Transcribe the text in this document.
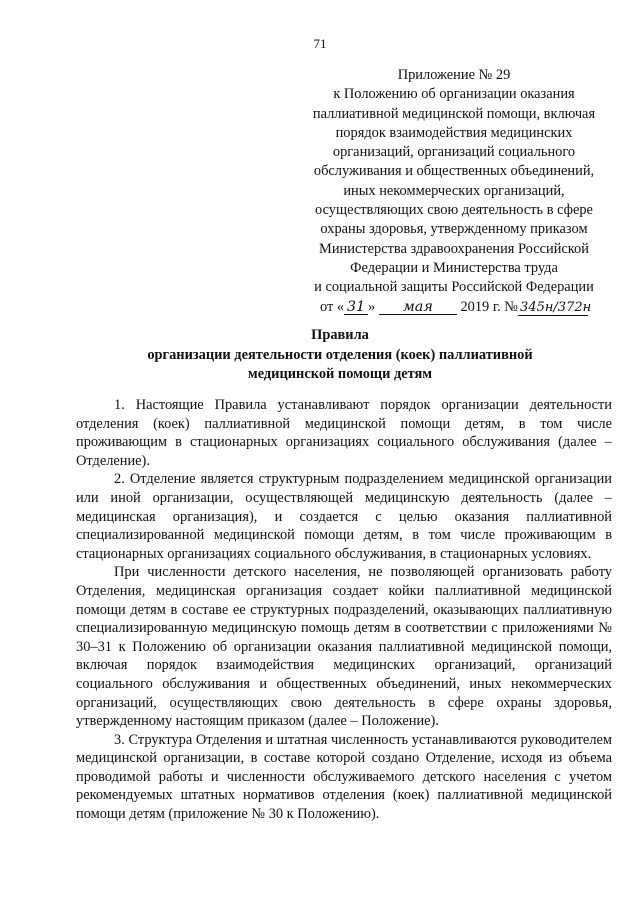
71
Приложение № 29
к Положению об организации оказания
паллиативной медицинской помощи, включая
порядок взаимодействия медицинских
организаций, организаций социального
обслуживания и общественных объединений,
иных некоммерческих организаций,
осуществляющих свою деятельность в сфере
охраны здоровья, утвержденному приказом
Министерства здравоохранения Российской
Федерации и Министерства труда
и социальной защиты Российской Федерации
от « 31 » мая 2019 г. № 345н/372н
Правила
организации деятельности отделения (коек) паллиативной
медицинской помощи детям

1. Настоящие Правила устанавливают порядок организации деятельности отделения (коек) паллиативной медицинской помощи детям, в том числе проживающим в стационарных организациях социального обслуживания (далее – Отделение).

2. Отделение является структурным подразделением медицинской организации или иной организации, осуществляющей медицинскую деятельность (далее – медицинская организация), и создается с целью оказания паллиативной специализированной медицинской помощи детям, в том числе проживающим в стационарных организациях социального обслуживания, в стационарных условиях.

При численности детского населения, не позволяющей организовать работу Отделения, медицинская организация создает койки паллиативной медицинской помощи детям в составе ее структурных подразделений, оказывающих паллиативную специализированную медицинскую помощь детям в соответствии с приложениями № 30–31 к Положению об организации оказания паллиативной медицинской помощи, включая порядок взаимодействия медицинских организаций, организаций социального обслуживания и общественных объединений, иных некоммерческих организаций, осуществляющих свою деятельность в сфере охраны здоровья, утвержденному настоящим приказом (далее – Положение).

3. Структура Отделения и штатная численность устанавливаются руководителем медицинской организации, в составе которой создано Отделение, исходя из объема проводимой работы и численности обслуживаемого детского населения с учетом рекомендуемых штатных нормативов отделения (коек) паллиативной медицинской помощи детям (приложение № 30 к Положению).
